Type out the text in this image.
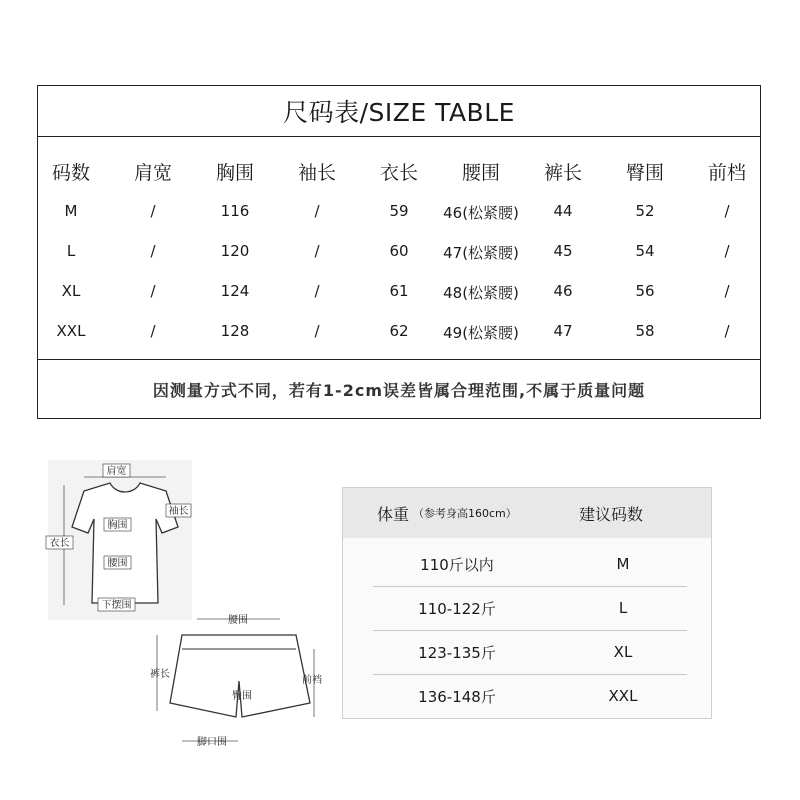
尺码表/SIZE TABLE
码数	肩宽	胸围	袖长	衣长	腰围	裤长	臀围	前档
M	/	116	/	59	46(松紧腰)	44	52	/
L	/	120	/	60	47(松紧腰)	45	54	/
XL	/	124	/	61	48(松紧腰)	46	56	/
XXL	/	128	/	62	49(松紧腰)	47	58	/
因测量方式不同，若有1-2cm误差皆属合理范围,不属于质量问题
肩宽
袖长
衣长
胸围
腰围
下摆围
腰围
裤长
前裆
臀围
脚口围
体重 （参考身高160cm）	建议码数
110斤以内	M
110-122斤	L
123-135斤	XL
136-148斤	XXL
